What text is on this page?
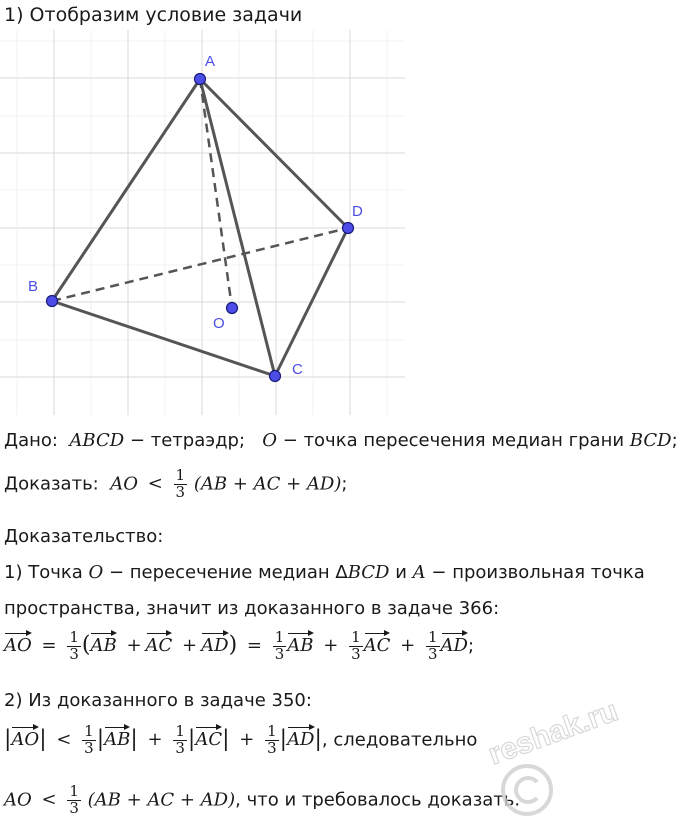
1) Отобразим условие задачи
A
B
C
D
O
Дано: ABCD − тетраэдр; O − точка пересечения медиан грани BCD;
Доказать: AO < $\frac{1}{3} (AB$ + AC + AD);
Доказательство:
1) Точка O − пересечение медиан ΔBCD и A − произвольная точка
пространства, значит из доказанного в задаче 366:
AO = $\frac{1}{3} (AB$ + AC + $AD) = \frac{1}{3}$ AB + $\frac{1}{3}$ AC + $\frac{1}{3}$ AD;
2) Из доказанного в задаче 350:
$|AO| < \frac{1}{3} |AB| + \frac{1}{3} |AC| + \frac{1}{3} |AD|$, следовательно
AO < $\frac{1}{3} (AB$ + AC + AD), что и требовалось доказать.
reshak.ru
